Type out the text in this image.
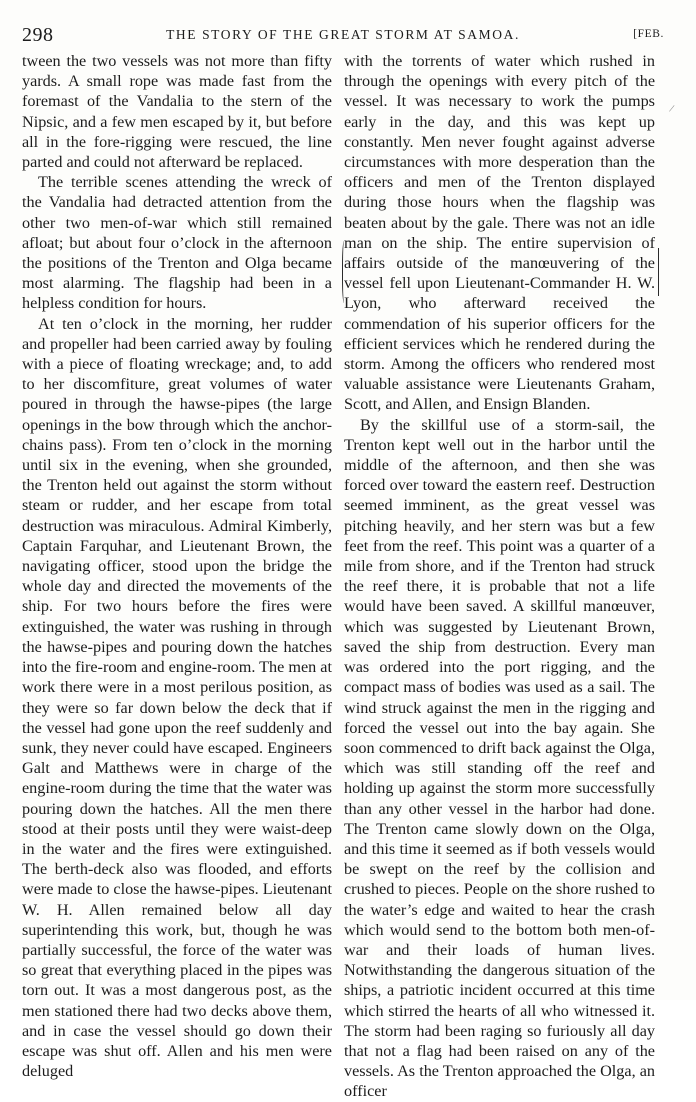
298	THE STORY OF THE GREAT STORM AT SAMOA.	[FEB.

tween the two vessels was not more than fifty yards. A small rope was made fast from the foremast of the Vandalia to the stern of the Nipsic, and a few men escaped by it, but before all in the fore-rigging were rescued, the line parted and could not afterward be replaced.

The terrible scenes attending the wreck of the Vandalia had detracted attention from the other two men-of-war which still remained afloat; but about four o’clock in the afternoon the positions of the Trenton and Olga became most alarming. The flagship had been in a helpless condition for hours.

At ten o’clock in the morning, her rudder and propeller had been carried away by fouling with a piece of floating wreckage; and, to add to her discomfiture, great volumes of water poured in through the hawse-pipes (the large openings in the bow through which the anchor-chains pass). From ten o’clock in the morning until six in the evening, when she grounded, the Trenton held out against the storm without steam or rudder, and her escape from total destruction was miraculous. Admiral Kimberly, Captain Farquhar, and Lieutenant Brown, the navigating officer, stood upon the bridge the whole day and directed the movements of the ship. For two hours before the fires were extinguished, the water was rushing in through the hawse-pipes and pouring down the hatches into the fire-room and engine-room. The men at work there were in a most perilous position, as they were so far down below the deck that if the vessel had gone upon the reef suddenly and sunk, they never could have escaped. Engineers Galt and Matthews were in charge of the engine-room during the time that the water was pouring down the hatches. All the men there stood at their posts until they were waist-deep in the water and the fires were extinguished. The berth-deck also was flooded, and efforts were made to close the hawse-pipes. Lieutenant W. H. Allen remained below all day superintending this work, but, though he was partially successful, the force of the water was so great that everything placed in the pipes was torn out. It was a most dangerous post, as the men stationed there had two decks above them, and in case the vessel should go down their escape was shut off. Allen and his men were deluged

with the torrents of water which rushed in through the openings with every pitch of the vessel. It was necessary to work the pumps early in the day, and this was kept up constantly. Men never fought against adverse circumstances with more desperation than the officers and men of the Trenton displayed during those hours when the flagship was beaten about by the gale. There was not an idle man on the ship. The entire supervision of affairs outside of the manœuvering of the vessel fell upon Lieutenant-Commander H. W. Lyon, who afterward received the commendation of his superior officers for the efficient services which he rendered during the storm. Among the officers who rendered most valuable assistance were Lieutenants Graham, Scott, and Allen, and Ensign Blanden.

By the skillful use of a storm-sail, the Trenton kept well out in the harbor until the middle of the afternoon, and then she was forced over toward the eastern reef. Destruction seemed imminent, as the great vessel was pitching heavily, and her stern was but a few feet from the reef. This point was a quarter of a mile from shore, and if the Trenton had struck the reef there, it is probable that not a life would have been saved. A skillful manœuver, which was suggested by Lieutenant Brown, saved the ship from destruction. Every man was ordered into the port rigging, and the compact mass of bodies was used as a sail. The wind struck against the men in the rigging and forced the vessel out into the bay again. She soon commenced to drift back against the Olga, which was still standing off the reef and holding up against the storm more successfully than any other vessel in the harbor had done. The Trenton came slowly down on the Olga, and this time it seemed as if both vessels would be swept on the reef by the collision and crushed to pieces. People on the shore rushed to the water’s edge and waited to hear the crash which would send to the bottom both men-of-war and their loads of human lives. Notwithstanding the dangerous situation of the ships, a patriotic incident occurred at this time which stirred the hearts of all who witnessed it. The storm had been raging so furiously all day that not a flag had been raised on any of the vessels. As the Trenton approached the Olga, an officer

/
